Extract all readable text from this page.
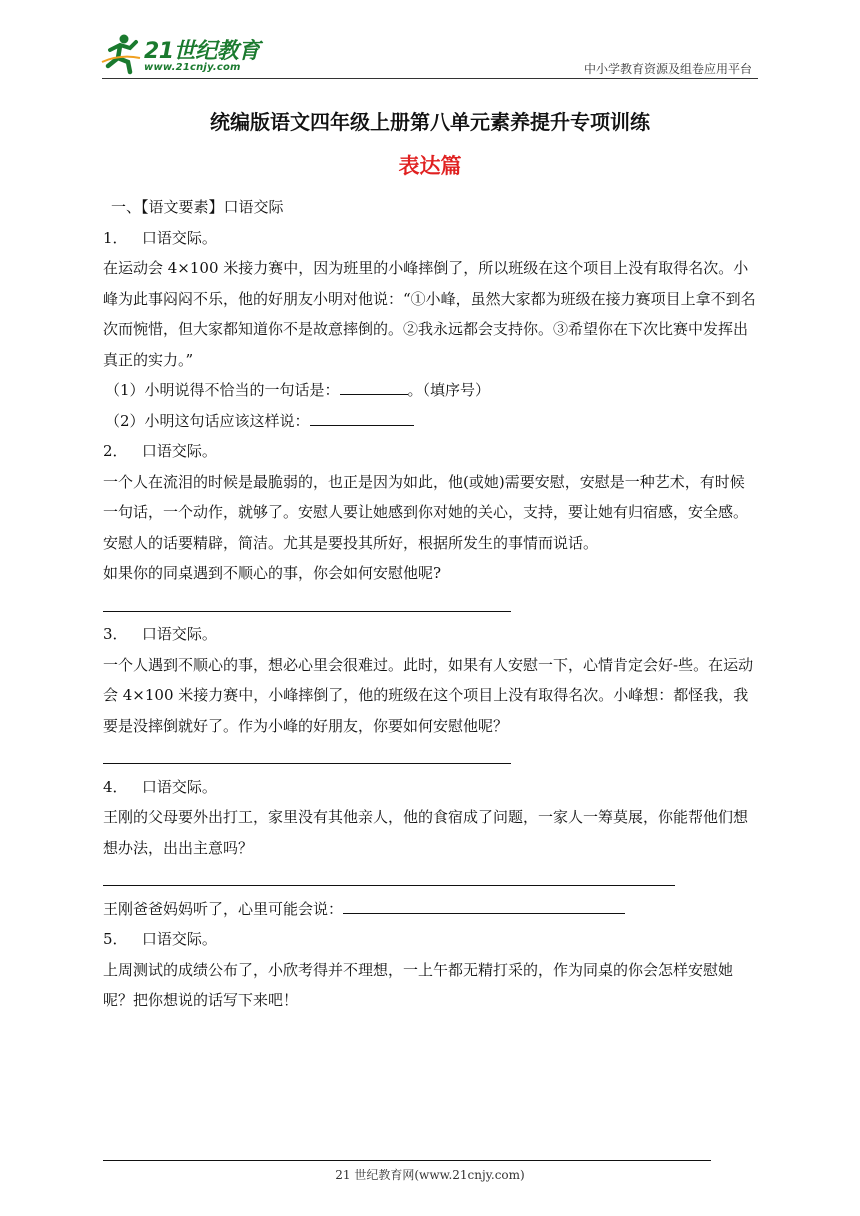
21世纪教育
www.21cnjy.com	中小学教育资源及组卷应用平台
统编版语文四年级上册第八单元素养提升专项训练
表达篇

一、【语文要素】口语交际

1． 口语交际。

在运动会 4×100 米接力赛中，因为班里的小峰摔倒了，所以班级在这个项目上没有取得名次。小峰为此事闷闷不乐，他的好朋友小明对他说：“①小峰，虽然大家都为班级在接力赛项目上拿不到名次而惋惜，但大家都知道你不是故意摔倒的。②我永远都会支持你。③希望你在下次比赛中发挥出真正的实力。”

（1）小明说得不恰当的一句话是：	。（填序号）

（2）小明这句话应该这样说：

2． 口语交际。

一个人在流泪的时候是最脆弱的，也正是因为如此，他(或她)需要安慰，安慰是一种艺术，有时候一句话，一个动作，就够了。安慰人要让她感到你对她的关心，支持，要让她有归宿感，安全感。安慰人的话要精辟，简洁。尤其是要投其所好，根据所发生的事情而说话。

如果你的同桌遇到不顺心的事，你会如何安慰他呢?

3． 口语交际。

一个人遇到不顺心的事，想必心里会很难过。此时，如果有人安慰一下，心情肯定会好-些。在运动会 4×100 米接力赛中，小峰摔倒了，他的班级在这个项目上没有取得名次。小峰想：都怪我，我要是没摔倒就好了。作为小峰的好朋友，你要如何安慰他呢？

4． 口语交际。

王刚的父母要外出打工，家里没有其他亲人，他的食宿成了问题，一家人一筹莫展，你能帮他们想想办法，出出主意吗？

王刚爸爸妈妈听了，心里可能会说：

5． 口语交际。

上周测试的成绩公布了，小欣考得并不理想，一上午都无精打采的，作为同桌的你会怎样安慰她呢？把你想说的话写下来吧！

21 世纪教育网(www.21cnjy.com)
